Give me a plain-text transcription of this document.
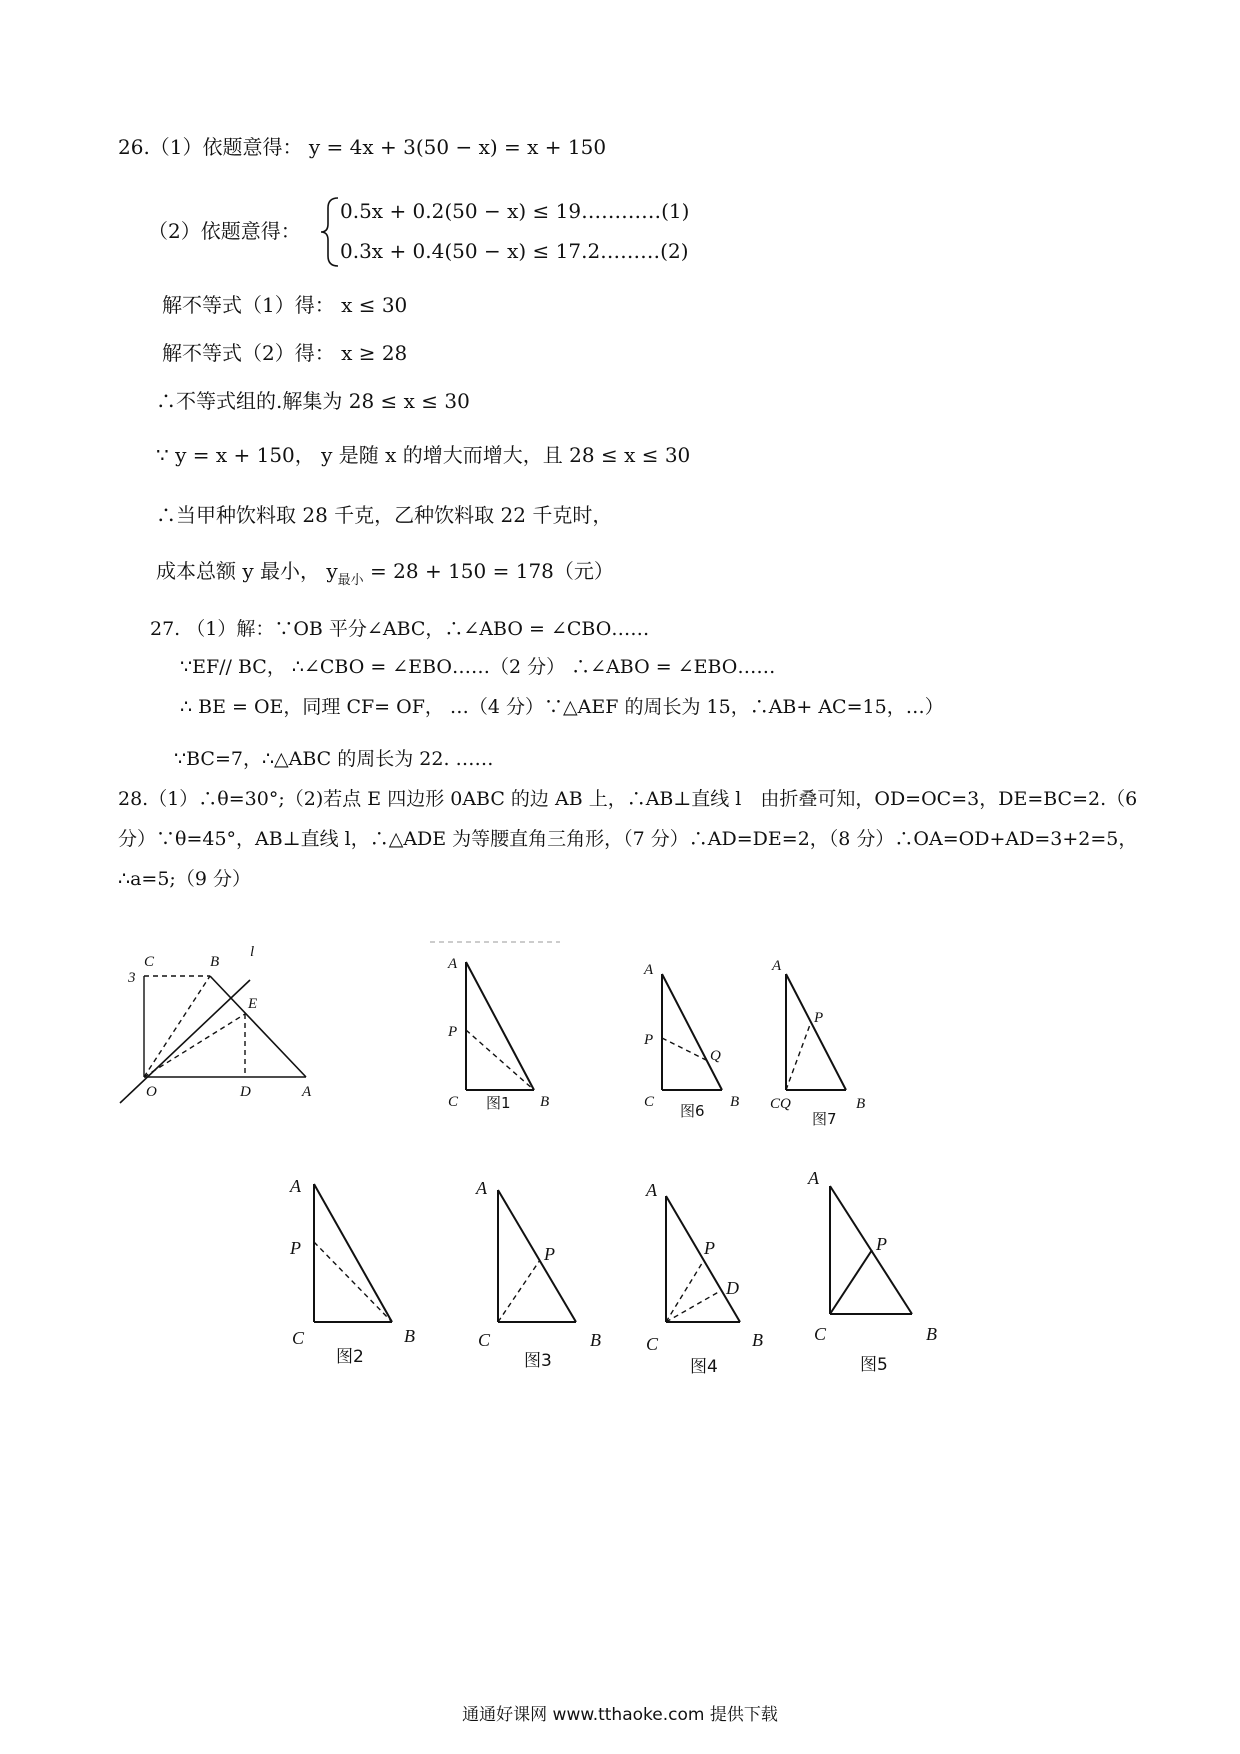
26.（1）依题意得： y = 4x + 3(50 − x) = x + 150
（2）依题意得：
0.5x + 0.2(50 − x) ≤ 19…………(1)
0.3x + 0.4(50 − x) ≤ 17.2………(2)
解不等式（1）得： x ≤ 30
解不等式（2）得： x ≥ 28
∴不等式组的.解集为 28 ≤ x ≤ 30
∵ y = x + 150， y 是随 x 的增大而增大，且 28 ≤ x ≤ 30
∴当甲种饮料取 28 千克，乙种饮料取 22 千克时，
成本总额 y 最小， $y_{最小} = 28 + 150 = 178$（元）
27. （1）解：∵OB 平分∠ABC，∴∠ABO = ∠CBO……
∵EF// BC， ∴∠CBO = ∠EBO……（2 分） ∴∠ABO = ∠EBO……
∴ BE = OE，同理 CF= OF， …（4 分）∵△AEF 的周长为 15，∴AB+ AC=15，…）
∵BC=7，∴△ABC 的周长为 22. ……
28.（1）∴θ=30°;（2)若点 E 四边形 0ABC 的边 AB 上，∴AB⊥直线 l　由折叠可知，OD=OC=3，DE=BC=2.（6
分）∵θ=45°，AB⊥直线 l，∴△ADE 为等腰直角三角形，（7 分）∴AD=DE=2，（8 分）∴OA=OD+AD=3+2=5，
∴a=5;（9 分）
C	B
l
3
E
O	D	A
A
P
C	B
图1
A
P
Q
C	B
图6
A
P
CQ	B
图7
A
P
C	B
图2
A
P
C	B
图3
A
P
D
C	B
图4
A
P
C	B
图5
通通好课网 www.tthaoke.com 提供下载
